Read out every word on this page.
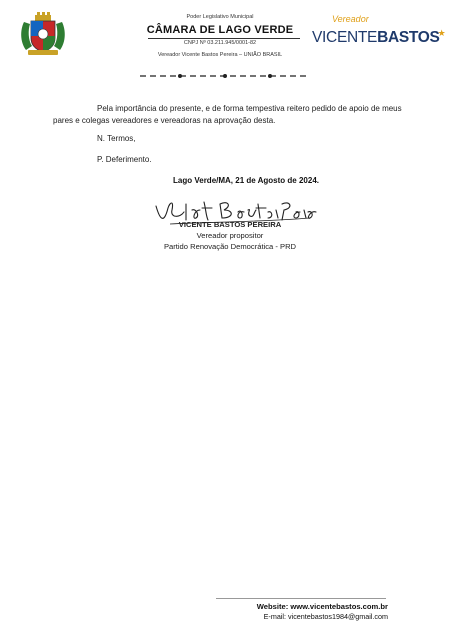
Poder Legislativo Municipal
CÂMARA DE LAGO VERDE
CNPJ Nº 03.211.945/0001-82
Vereador Vicente Bastos Pereira – UNIÃO BRASIL
Vereador
VICENTEBASTOS★
Pela importância do presente, e de forma tempestiva reitero pedido de apoio de meus pares e colegas vereadores e vereadoras na aprovação desta.
N. Termos,
P. Deferimento.
Lago Verde/MA, 21 de Agosto de 2024.
VICENTE BASTOS PEREIRA
Vereador propositor
Partido Renovação Democrática - PRD
Website: www.vicentebastos.com.br
E-mail: vicentebastos1984@gmail.com
